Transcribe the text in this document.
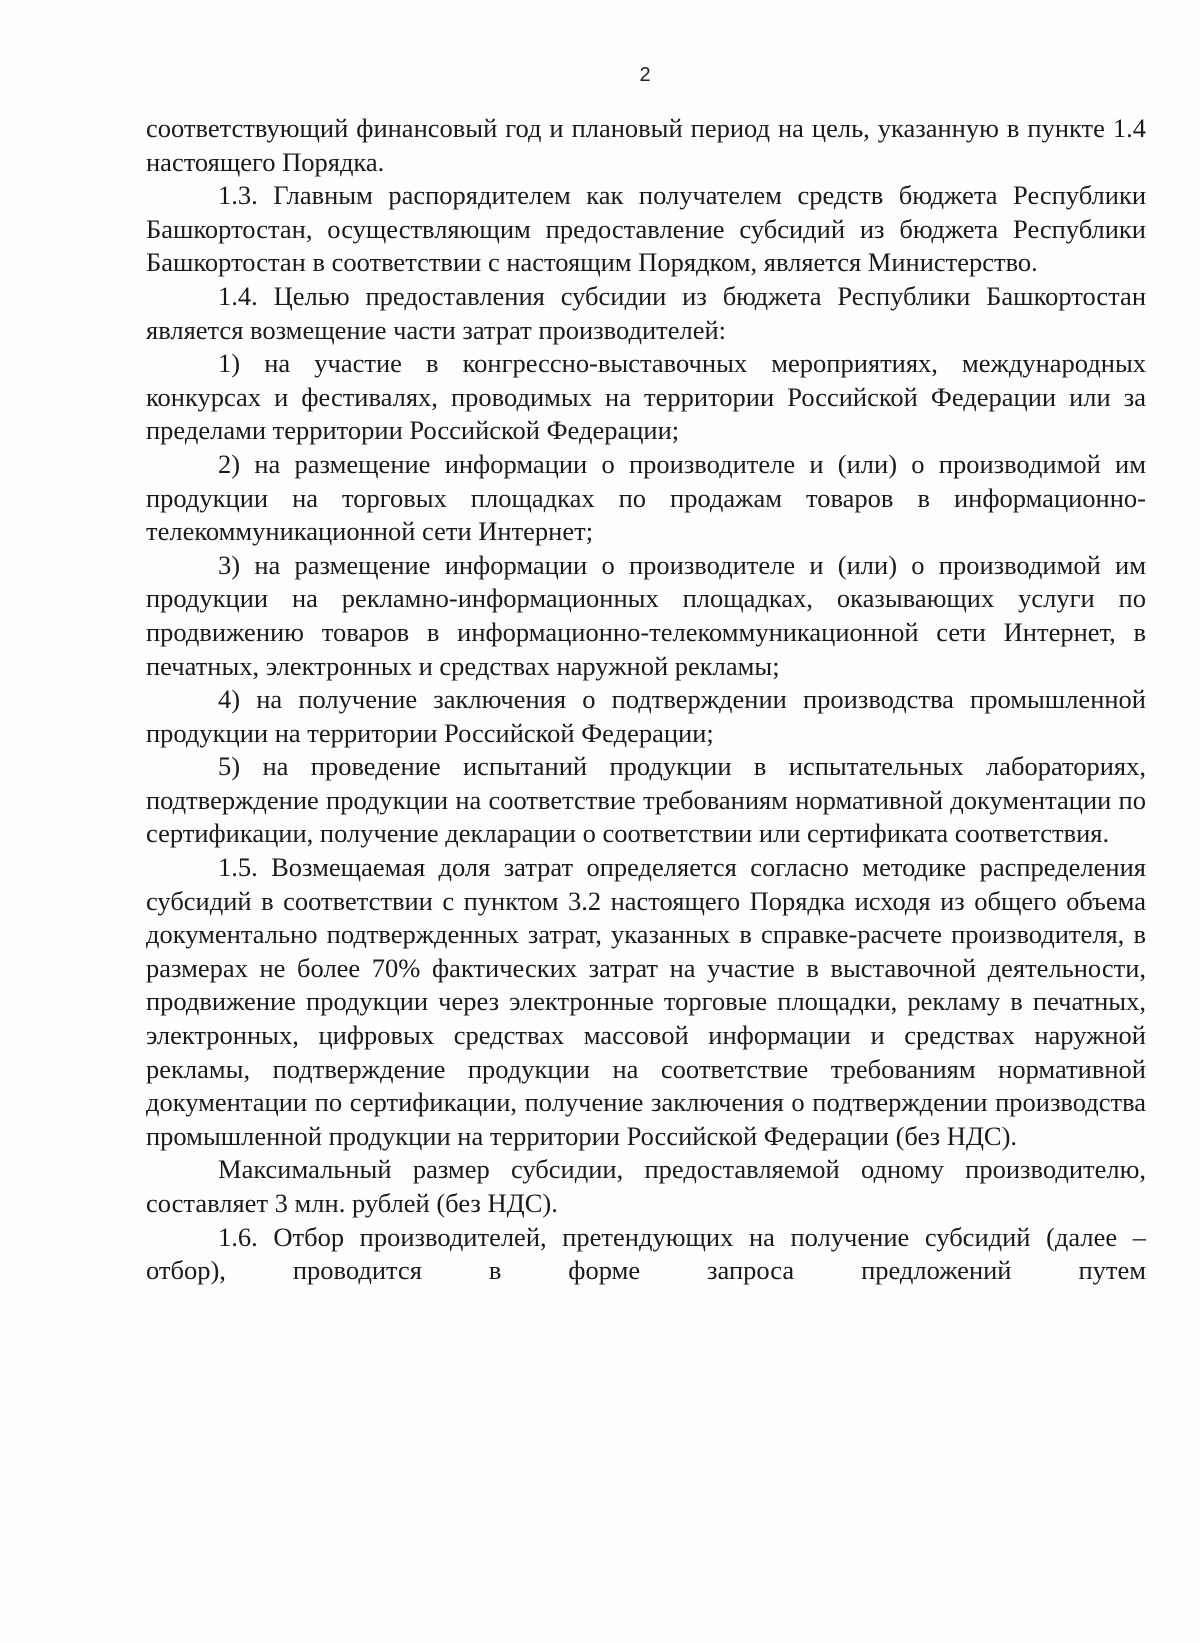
2

соответствующий финансовый год и плановый период на цель, указанную в пункте 1.4 настоящего Порядка.

1.3. Главным распорядителем как получателем средств бюджета Республики Башкортостан, осуществляющим предоставление субсидий из бюджета Республики Башкортостан в соответствии с настоящим Порядком, является Министерство.

1.4. Целью предоставления субсидии из бюджета Республики Башкортостан является возмещение части затрат производителей:

1) на участие в конгрессно-выставочных мероприятиях, международных конкурсах и фестивалях, проводимых на территории Российской Федерации или за пределами территории Российской Федерации;

2) на размещение информации о производителе и (или) о производимой им продукции на торговых площадках по продажам товаров в информационно-телекоммуникационной сети Интернет;

3) на размещение информации о производителе и (или) о производимой им продукции на рекламно-информационных площадках, оказывающих услуги по продвижению товаров в информационно-телекоммуникационной сети Интернет, в печатных, электронных и средствах наружной рекламы;

4) на получение заключения о подтверждении производства промышленной продукции на территории Российской Федерации;

5) на проведение испытаний продукции в испытательных лабораториях, подтверждение продукции на соответствие требованиям нормативной документации по сертификации, получение декларации о соответствии или сертификата соответствия.

1.5. Возмещаемая доля затрат определяется согласно методике распределения субсидий в соответствии с пунктом 3.2 настоящего Порядка исходя из общего объема документально подтвержденных затрат, указанных в справке-расчете производителя, в размерах не более 70% фактических затрат на участие в выставочной деятельности, продвижение продукции через электронные торговые площадки, рекламу в печатных, электронных, цифровых средствах массовой информации и средствах наружной рекламы, подтверждение продукции на соответствие требованиям нормативной документации по сертификации, получение заключения о подтверждении производства промышленной продукции на территории Российской Федерации (без НДС).

Максимальный размер субсидии, предоставляемой одному производителю, составляет 3 млн. рублей (без НДС).

1.6. Отбор производителей, претендующих на получение субсидий (далее – отбор), проводится в форме запроса предложений путем
